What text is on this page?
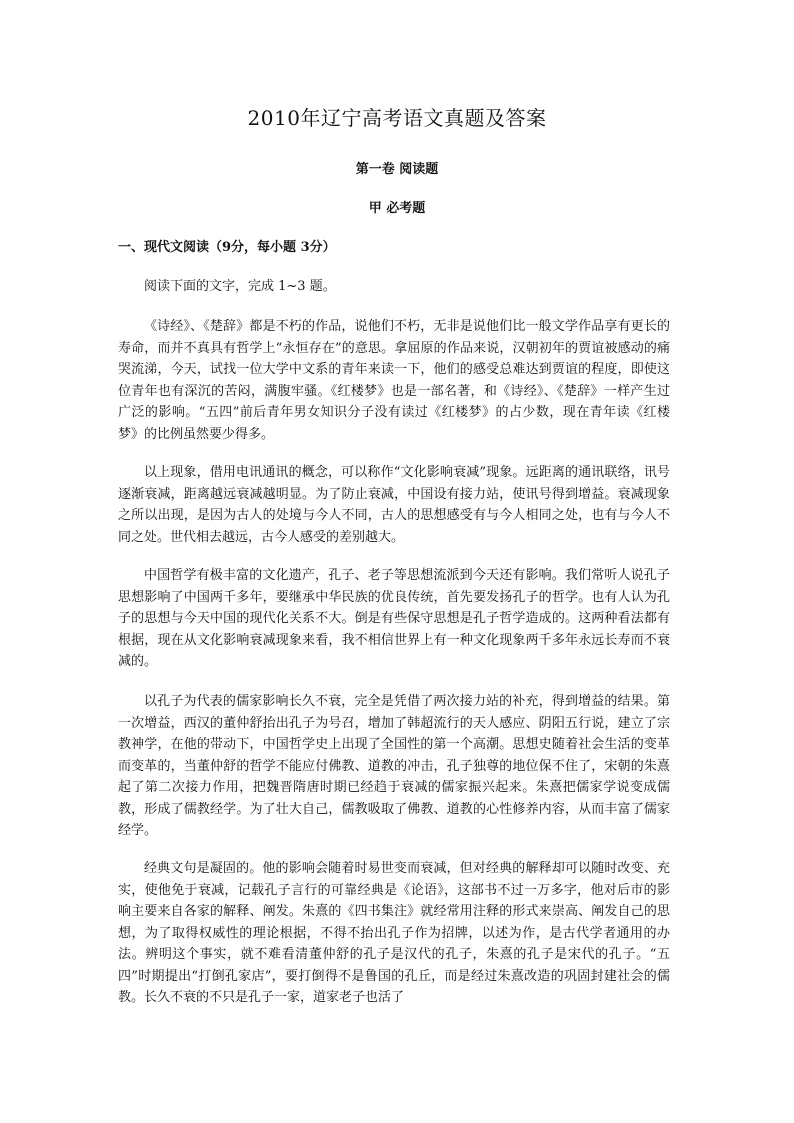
2010年辽宁高考语文真题及答案
第一卷 阅读题
甲 必考题
一、现代文阅读（9分，每小题 3分）
阅读下面的文字，完成 1~3 题。

《诗经》、《楚辞》都是不朽的作品，说他们不朽，无非是说他们比一般文学作品享有更长的寿命，而并不真具有哲学上“永恒存在”的意思。拿屈原的作品来说，汉朝初年的贾谊被感动的痛哭流涕，今天，试找一位大学中文系的青年来读一下，他们的感受总难达到贾谊的程度，即使这位青年也有深沉的苦闷，满腹牢骚。《红楼梦》也是一部名著，和《诗经》、《楚辞》一样产生过广泛的影响。“五四”前后青年男女知识分子没有读过《红楼梦》的占少数，现在青年读《红楼梦》的比例虽然要少得多。

以上现象，借用电讯通讯的概念，可以称作“文化影响衰减”现象。远距离的通讯联络，讯号逐渐衰减，距离越远衰减越明显。为了防止衰减，中国设有接力站，使讯号得到增益。衰减现象之所以出现，是因为古人的处境与今人不同，古人的思想感受有与今人相同之处，也有与今人不同之处。世代相去越远，古今人感受的差别越大。

中国哲学有极丰富的文化遗产，孔子、老子等思想流派到今天还有影响。我们常听人说孔子思想影响了中国两千多年，要继承中华民族的优良传统，首先要发扬孔子的哲学。也有人认为孔子的思想与今天中国的现代化关系不大。倒是有些保守思想是孔子哲学造成的。这两种看法都有根据，现在从文化影响衰减现象来看，我不相信世界上有一种文化现象两千多年永远长寿而不衰减的。

以孔子为代表的儒家影响长久不衰，完全是凭借了两次接力站的补充，得到增益的结果。第一次增益，西汉的董仲舒抬出孔子为号召，增加了韩超流行的天人感应、阴阳五行说，建立了宗教神学，在他的带动下，中国哲学史上出现了全国性的第一个高潮。思想史随着社会生活的变革而变革的，当董仲舒的哲学不能应付佛教、道教的冲击，孔子独尊的地位保不住了，宋朝的朱熹起了第二次接力作用，把魏晋隋唐时期已经趋于衰减的儒家振兴起来。朱熹把儒家学说变成儒教，形成了儒教经学。为了壮大自己，儒教吸取了佛教、道教的心性修养内容，从而丰富了儒家经学。

经典文句是凝固的。他的影响会随着时易世变而衰减，但对经典的解释却可以随时改变、充实，使他免于衰减，记载孔子言行的可靠经典是《论语》，这部书不过一万多字，他对后市的影响主要来自各家的解释、阐发。朱熹的《四书集注》就经常用注释的形式来崇高、阐发自己的思想，为了取得权威性的理论根据，不得不抬出孔子作为招牌，以述为作，是古代学者通用的办法。辨明这个事实，就不难看清董仲舒的孔子是汉代的孔子，朱熹的孔子是宋代的孔子。“五四”时期提出“打倒孔家店”，要打倒得不是鲁国的孔丘，而是经过朱熹改造的巩固封建社会的儒教。长久不衰的不只是孔子一家，道家老子也活了
